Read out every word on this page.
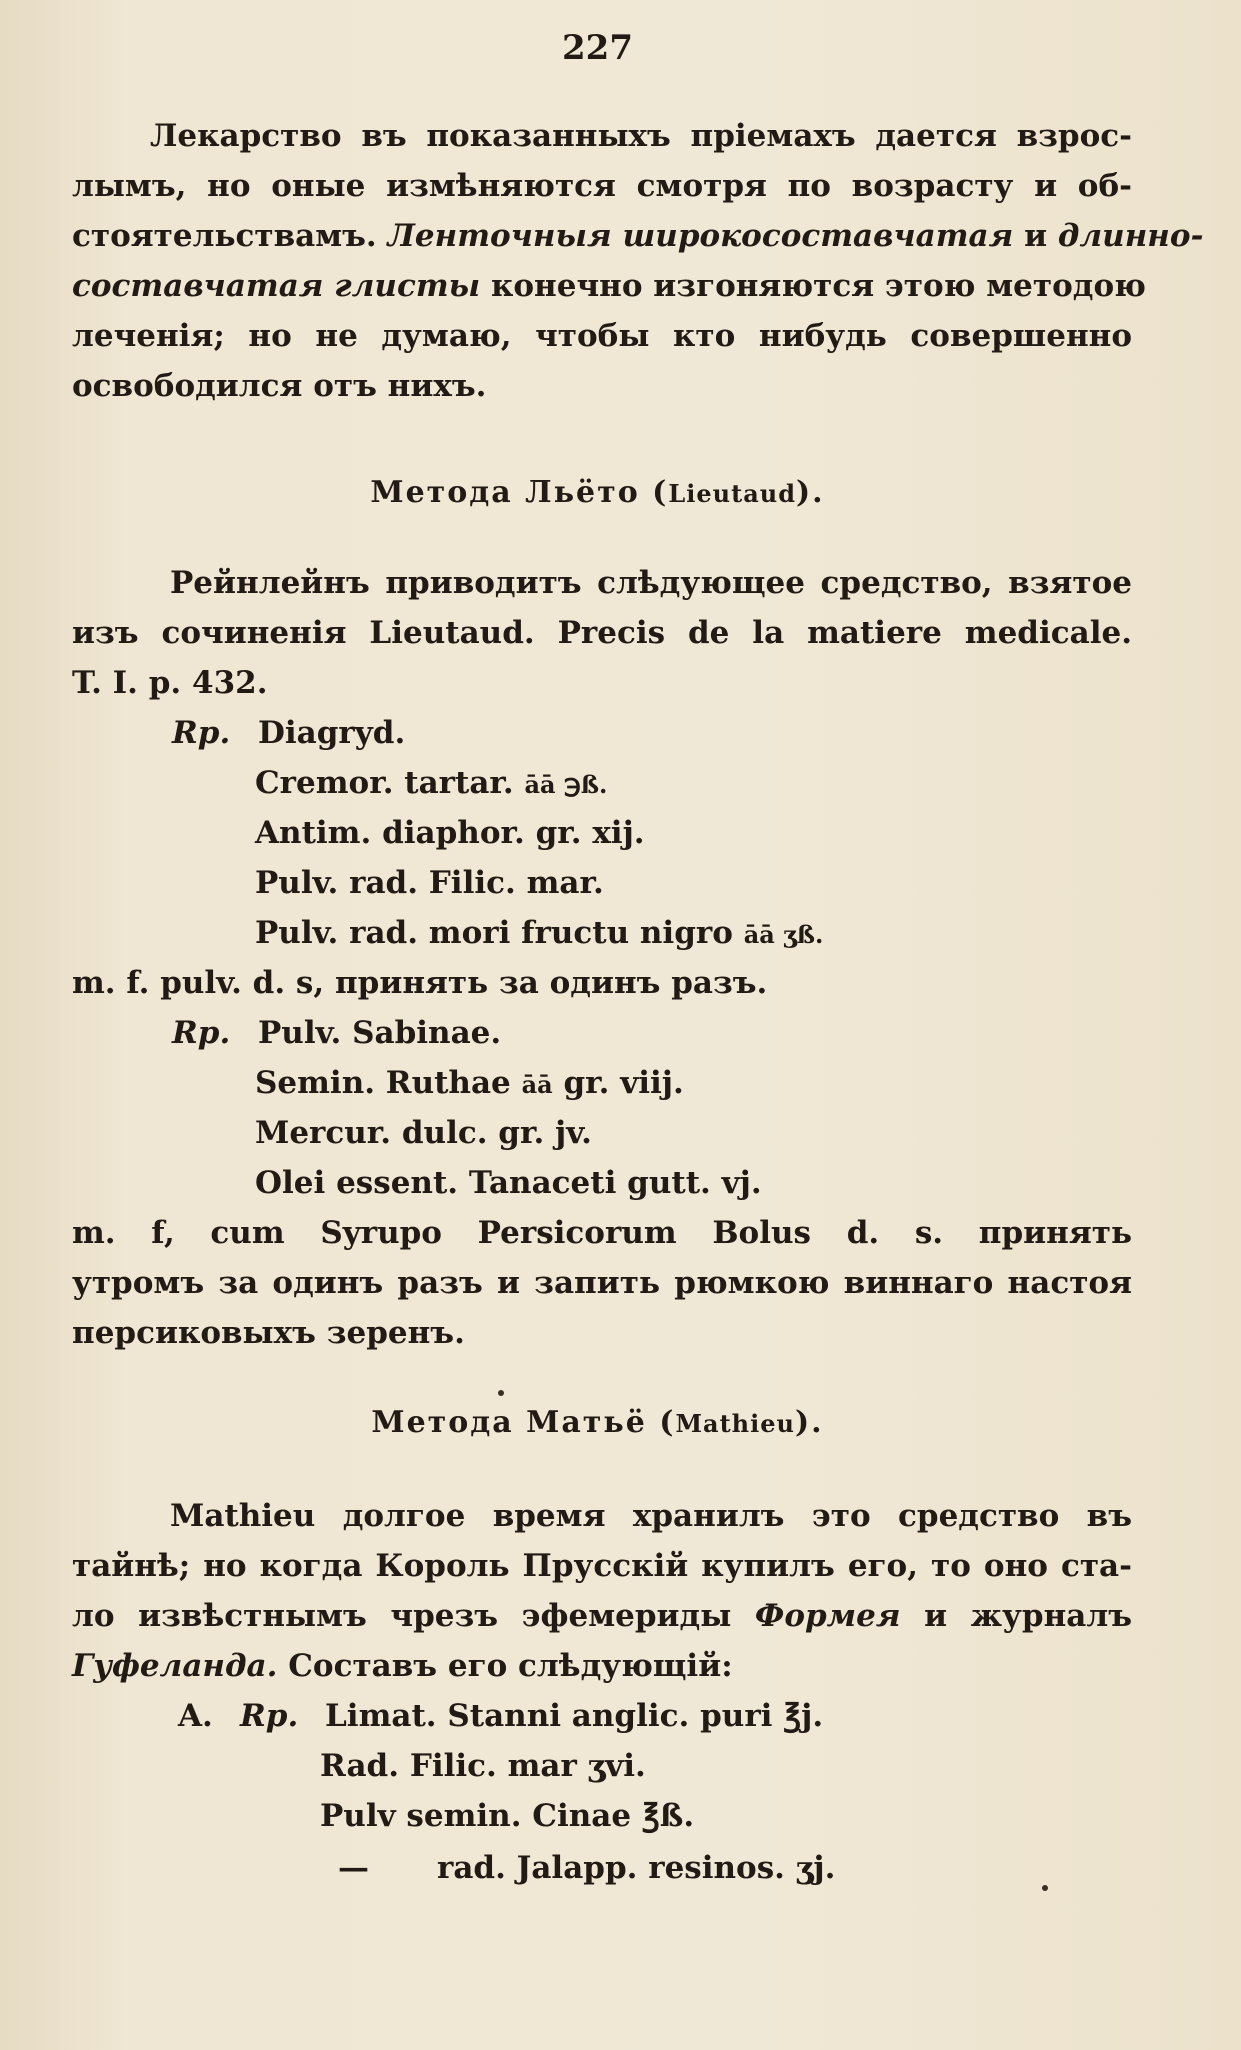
227
Лекарство въ показанныхъ пріемахъ дается взрос-
лымъ, но оные измѣняются смотря по возрасту и об-
стоятельствамъ. Ленточныя широкосоставчатая и длинно-
составчатая глисты конечно изгоняются этою методою
леченія; но не думаю, чтобы кто нибудь совершенно
освободился отъ нихъ.
Метода Льёто (Lieutaud).
Рейнлейнъ приводитъ слѣдующее средство, взятое
изъ сочиненія Lieutaud. Precis de la matiere medicale.
T. I. p. 432.
Rp. Diagryd.
Cremor. tartar. āā ℈ß.
Antim. diaphor. gr. xij.
Pulv. rad. Filic. mar.
Pulv. rad. mori fructu nigro āā ʒß.
m. f. pulv. d. s, принять за одинъ разъ.
Rp. Pulv. Sabinae.
Semin. Ruthae āā gr. viij.
Mercur. dulc. gr. jv.
Olei essent. Tanaceti gutt. vj.
m. f, cum Syrupo Persicorum Bolus d. s. принять
утромъ за одинъ разъ и запить рюмкою виннаго настоя
персиковыхъ зеренъ.
Метода Матьё (Mathieu).
Mathieu долгое время хранилъ это средство въ
тайнѣ; но когда Король Прусскій купилъ его, то оно ста-
ло извѣстнымъ чрезъ эфемериды Формея и журналъ
Гуфеланда. Составъ его слѣдующій:
A. Rp. Limat. Stanni anglic. puri ℥j.
Rad. Filic. mar ʒvi.
Pulv semin. Cinae ℥ß.
— rad. Jalapp. resinos. ʒj.
